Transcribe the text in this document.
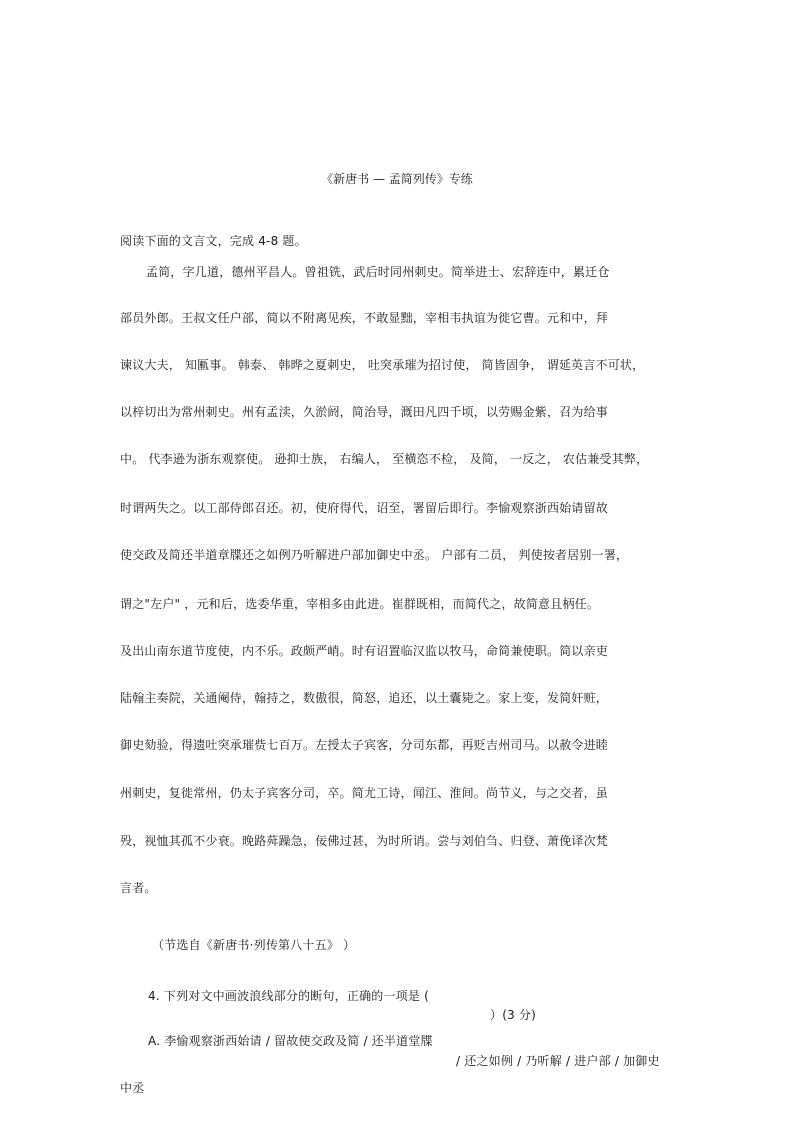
《新唐书 — 孟简列传》专练
阅读下面的文言文，完成 4-8 题。
孟简，字几道，德州平昌人。曾祖铣，武后时同州刺史。简举进士、宏辞连中，累迁仓
部员外郎。王叔文任户部，简以不附离见疾，不敢显黜，宰相韦执谊为徙它曹。元和中，拜
谏议大夫， 知匭事。 韩泰、 韩晔之夏刺史， 吐突承璀为招讨使， 简皆固争， 谓延英言不可状，
以梓切出为常州刺史。州有孟渎，久淤阏，简治导，溉田凡四千顷，以劳赐金紫，召为给事
中。 代李逊为浙东观察使。 逊抑士族， 右编人， 至横恣不检， 及简， 一反之， 农估兼受其弊，
时谓两失之。以工部侍郎召还。初，使府得代，诏至，署留后即行。李愉观察浙西始请留故
使交政及简还半道章牒还之如例乃听解进户部加御史中丞。 户部有二员， 判使按者居别一署，
谓之"左户" ，元和后，选委华重，宰相多由此进。崔群既相，而简代之，故简意且柄任。
及出山南东道节度使，内不乐。政颇严峭。时有诏置临汉监以牧马，命简兼使职。简以亲吏
陆翰主奏院，关通阉侍，翰持之，数傲很，简怒，追还，以土囊毙之。家上变，发简奸赃，
御史劾验，得遗吐突承璀赀七百万。左授太子宾客，分司东都，再贬吉州司马。以赦令进睦
州刺史，复徙常州，仍太子宾客分司，卒。简尤工诗，闻江、淮间。尚节义，与之交者，虽
殁，视恤其孤不少衰。晚路荈躁急，佞佛过甚，为时所诮。尝与刘伯刍、归登、萧俛译次梵
言者。
（节选自《新唐书·列传第八十五》 ）
4. 下列对文中画波浪线部分的断句，正确的一项是 (
）(3 分)
A. 李愉观察浙西始请 / 留故使交政及简 / 还半道堂牒
/ 还之如例 / 乃听解 / 进户部 / 加御史
中丞
